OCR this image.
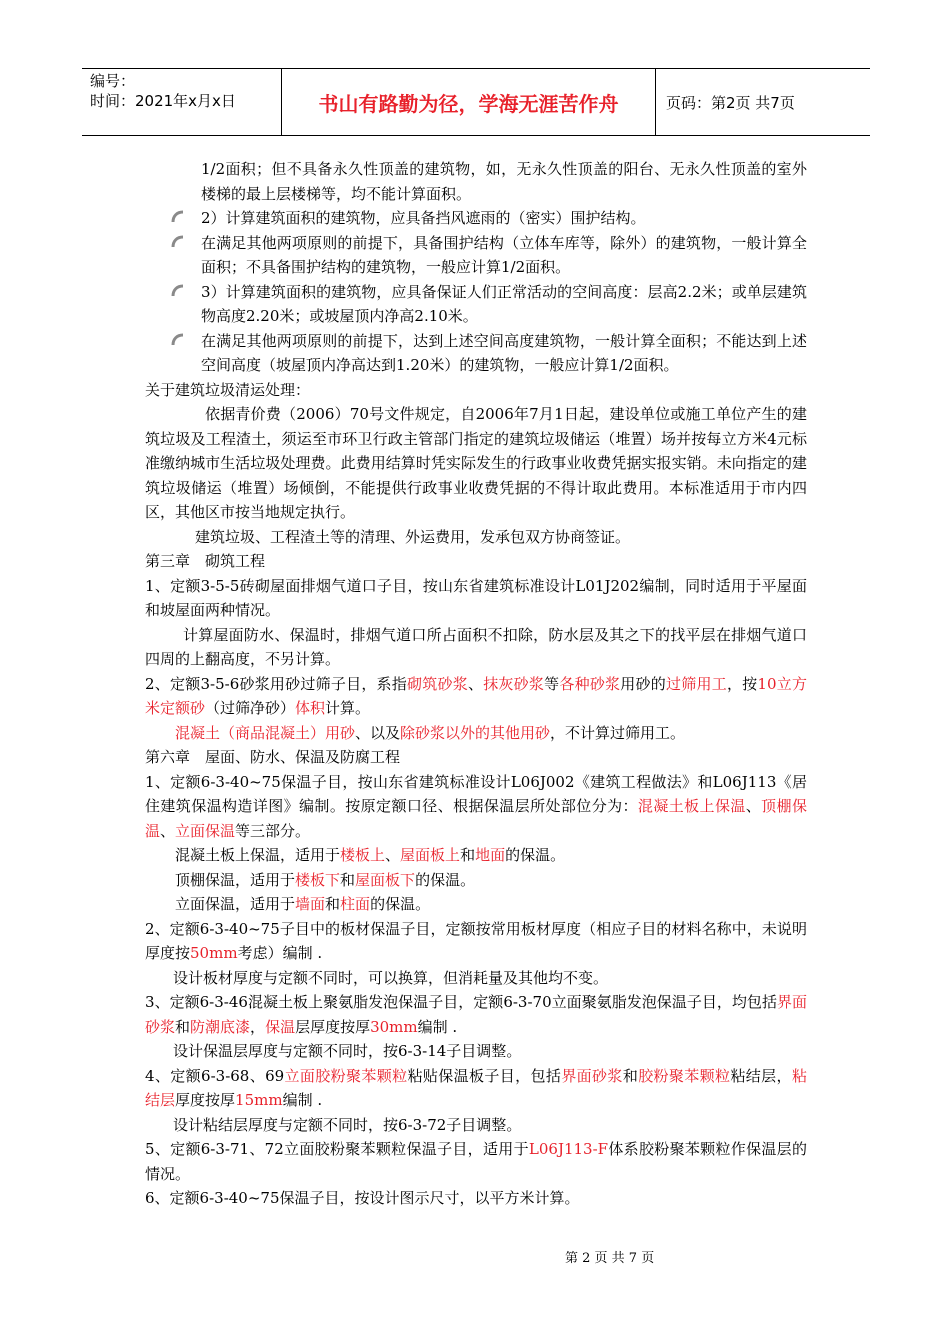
编号：
时间：2021年x月x日	书山有路勤为径，学海无涯苦作舟	页码：第2页 共7页

1/2面积；但不具备永久性顶盖的建筑物，如，无永久性顶盖的阳台、无永久性顶盖的室外楼梯的最上层楼梯等，均不能计算面积。

2）计算建筑面积的建筑物，应具备挡风遮雨的（密实）围护结构。

在满足其他两项原则的前提下，具备围护结构（立体车库等，除外）的建筑物，一般计算全面积；不具备围护结构的建筑物，一般应计算1/2面积。

3）计算建筑面积的建筑物，应具备保证人们正常活动的空间高度：层高2.2米；或单层建筑物高度2.20米；或坡屋顶内净高2.10米。

在满足其他两项原则的前提下，达到上述空间高度建筑物，一般计算全面积；不能达到上述空间高度（坡屋顶内净高达到1.20米）的建筑物，一般应计算1/2面积。

关于建筑垃圾清运处理：

依据青价费（2006）70号文件规定，自2006年7月1日起，建设单位或施工单位产生的建筑垃圾及工程渣土，须运至市环卫行政主管部门指定的建筑垃圾储运（堆置）场并按每立方米4元标准缴纳城市生活垃圾处理费。此费用结算时凭实际发生的行政事业收费凭据实报实销。未向指定的建筑垃圾储运（堆置）场倾倒，不能提供行政事业收费凭据的不得计取此费用。本标准适用于市内四区，其他区市按当地规定执行。

建筑垃圾、工程渣土等的清理、外运费用，发承包双方协商签证。

第三章　砌筑工程

1、定额3-5-5砖砌屋面排烟气道口子目，按山东省建筑标准设计L01J202编制，同时适用于平屋面和坡屋面两种情况。

计算屋面防水、保温时，排烟气道口所占面积不扣除，防水层及其之下的找平层在排烟气道口四周的上翻高度，不另计算。

2、定额3-5-6砂浆用砂过筛子目，系指砌筑砂浆、抹灰砂浆等各种砂浆用砂的过筛用工，按10立方米定额砂（过筛净砂）体积计算。

混凝土（商品混凝土）用砂、以及除砂浆以外的其他用砂，不计算过筛用工。

第六章　屋面、防水、保温及防腐工程

1、定额6-3-40~75保温子目，按山东省建筑标准设计L06J002《建筑工程做法》和L06J113《居住建筑保温构造详图》编制。按原定额口径、根据保温层所处部位分为：混凝土板上保温、顶棚保温、立面保温等三部分。

混凝土板上保温，适用于楼板上、屋面板上和地面的保温。

顶棚保温，适用于楼板下和屋面板下的保温。

立面保温，适用于墙面和柱面的保温。

2、定额6-3-40~75子目中的板材保温子目，定额按常用板材厚度（相应子目的材料名称中，未说明厚度按50mm考虑）编制 .

设计板材厚度与定额不同时，可以换算，但消耗量及其他均不变。

3、定额6-3-46混凝土板上聚氨脂发泡保温子目，定额6-3-70立面聚氨脂发泡保温子目，均包括界面砂浆和防潮底漆，保温层厚度按厚30mm编制 .

设计保温层厚度与定额不同时，按6-3-14子目调整。

4、定额6-3-68、69立面胶粉聚苯颗粒粘贴保温板子目，包括界面砂浆和胶粉聚苯颗粒粘结层，粘结层厚度按厚15mm编制 .

设计粘结层厚度与定额不同时，按6-3-72子目调整。

5、定额6-3-71、72立面胶粉聚苯颗粒保温子目，适用于L06J113-F体系胶粉聚苯颗粒作保温层的情况。

6、定额6-3-40~75保温子目，按设计图示尺寸，以平方米计算。

第 2 页 共 7 页
